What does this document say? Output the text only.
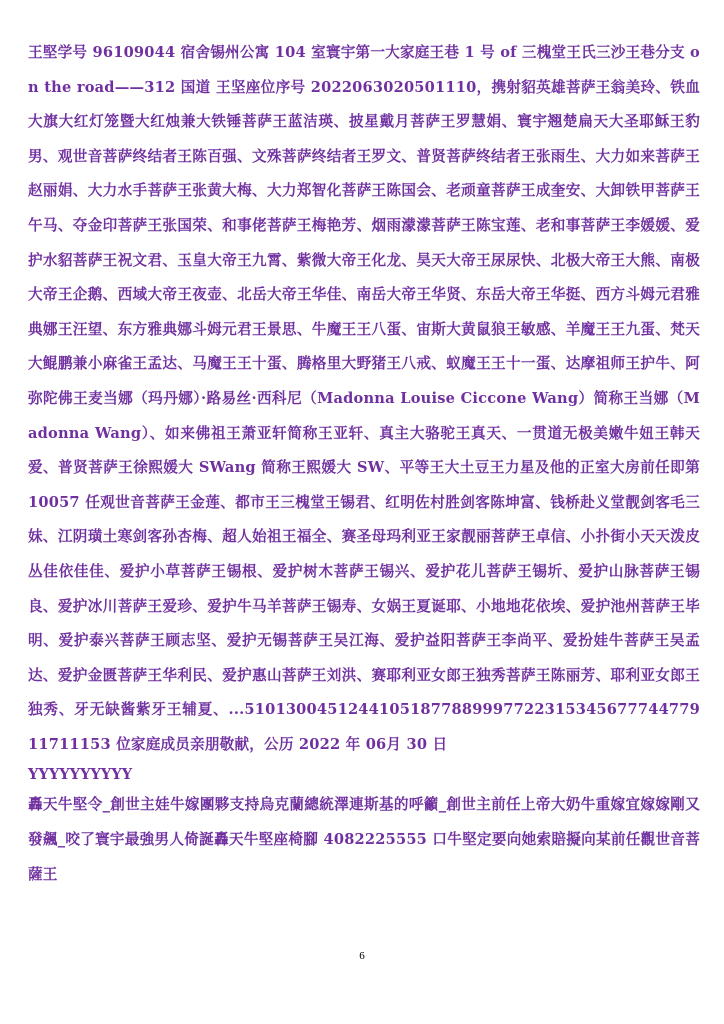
王堅学号 96109044 宿舍锡州公寓 104 室寰宇第一大家庭王巷 1 号 of 三槐堂王氏三沙王巷分支 on the road——312 国道 王坚座位序号 2022063020501110，携射貂英雄菩萨王翁美玲、铁血大旗大红灯笼暨大红烛兼大铁锤菩萨王蓝洁瑛、披星戴月菩萨王罗慧娟、寰宇翘楚扁天大圣耶稣王豹男、观世音菩萨终结者王陈百强、文殊菩萨终结者王罗文、普贤菩萨终结者王张雨生、大力如来菩萨王赵丽娟、大力水手菩萨王张黄大梅、大力郑智化菩萨王陈国会、老顽童菩萨王成奎安、大卸铁甲菩萨王午马、夺金印菩萨王张国荣、和事佬菩萨王梅艳芳、烟雨濛濛菩萨王陈宝莲、老和事菩萨王李媛媛、爱护水貂菩萨王祝文君、玉皇大帝王九霄、紫微大帝王化龙、昊天大帝王尿尿快、北极大帝王大熊、南极大帝王企鹅、西域大帝王夜壶、北岳大帝王华佳、南岳大帝王华贤、东岳大帝王华挺、西方斗姆元君雅典娜王汪望、东方雅典娜斗姆元君王景思、牛魔王王八蛋、宙斯大黄鼠狼王敏感、羊魔王王九蛋、梵天大鲲鹏兼小麻雀王孟达、马魔王王十蛋、腾格里大野猪王八戒、蚁魔王王十一蛋、达摩祖师王护牛、阿弥陀佛王麦当娜（玛丹娜）·路易丝·西科尼（Madonna Louise Ciccone Wang）简称王当娜（Madonna Wang）、如来佛祖王萧亚轩简称王亚轩、真主大骆驼王真天、一贯道无极美嫩牛妞王韩天爱、普贤菩萨王徐熙媛大 SWang 简称王熙媛大 SW、平等王大土豆王力星及他的正室大房前任即第 10057 任观世音菩萨王金莲、都市王三槐堂王锡君、红明佐村胜剑客陈坤富、钱桥赴义堂靓剑客毛三妹、江阴璜土寒剑客孙杏梅、超人始祖王福全、赛圣母玛利亚王家靓丽菩萨王卓信、小扑街小天天泼皮丛佳依佳佳、爱护小草菩萨王锡根、爱护树木菩萨王锡兴、爱护花儿菩萨王锡圻、爱护山脉菩萨王锡良、爱护冰川菩萨王爱珍、爱护牛马羊菩萨王锡寿、女娲王夏诞耶、小地地花依埃、爱护池州菩萨王毕明、爱护泰兴菩萨王顾志坚、爱护无锡菩萨王吴江海、爱护益阳菩萨王李尚平、爱扮娃牛菩萨王吴孟达、爱护金匮菩萨王华利民、爱护惠山菩萨王刘洪、赛耶利亚女郎王独秀菩萨王陈丽芳、耶利亚女郎王独秀、牙无缺酱紫牙王辅夏、...5101300451244105187788999772231534567774477911711153 位家庭成员亲朋敬献，公历 2022 年 06月 30 日

YYYYYYYYYY

轟天牛堅令_創世主娃牛嫁團夥支持烏克蘭總統澤連斯基的呼籲_創世主前任上帝大奶牛重嫁宜嫁嫁剛又發飆_咬了寰宇最強男人倚誕轟天牛堅座椅腳 4082225555 口牛堅定要向她索賠擬向某前任觀世音菩薩王

6
